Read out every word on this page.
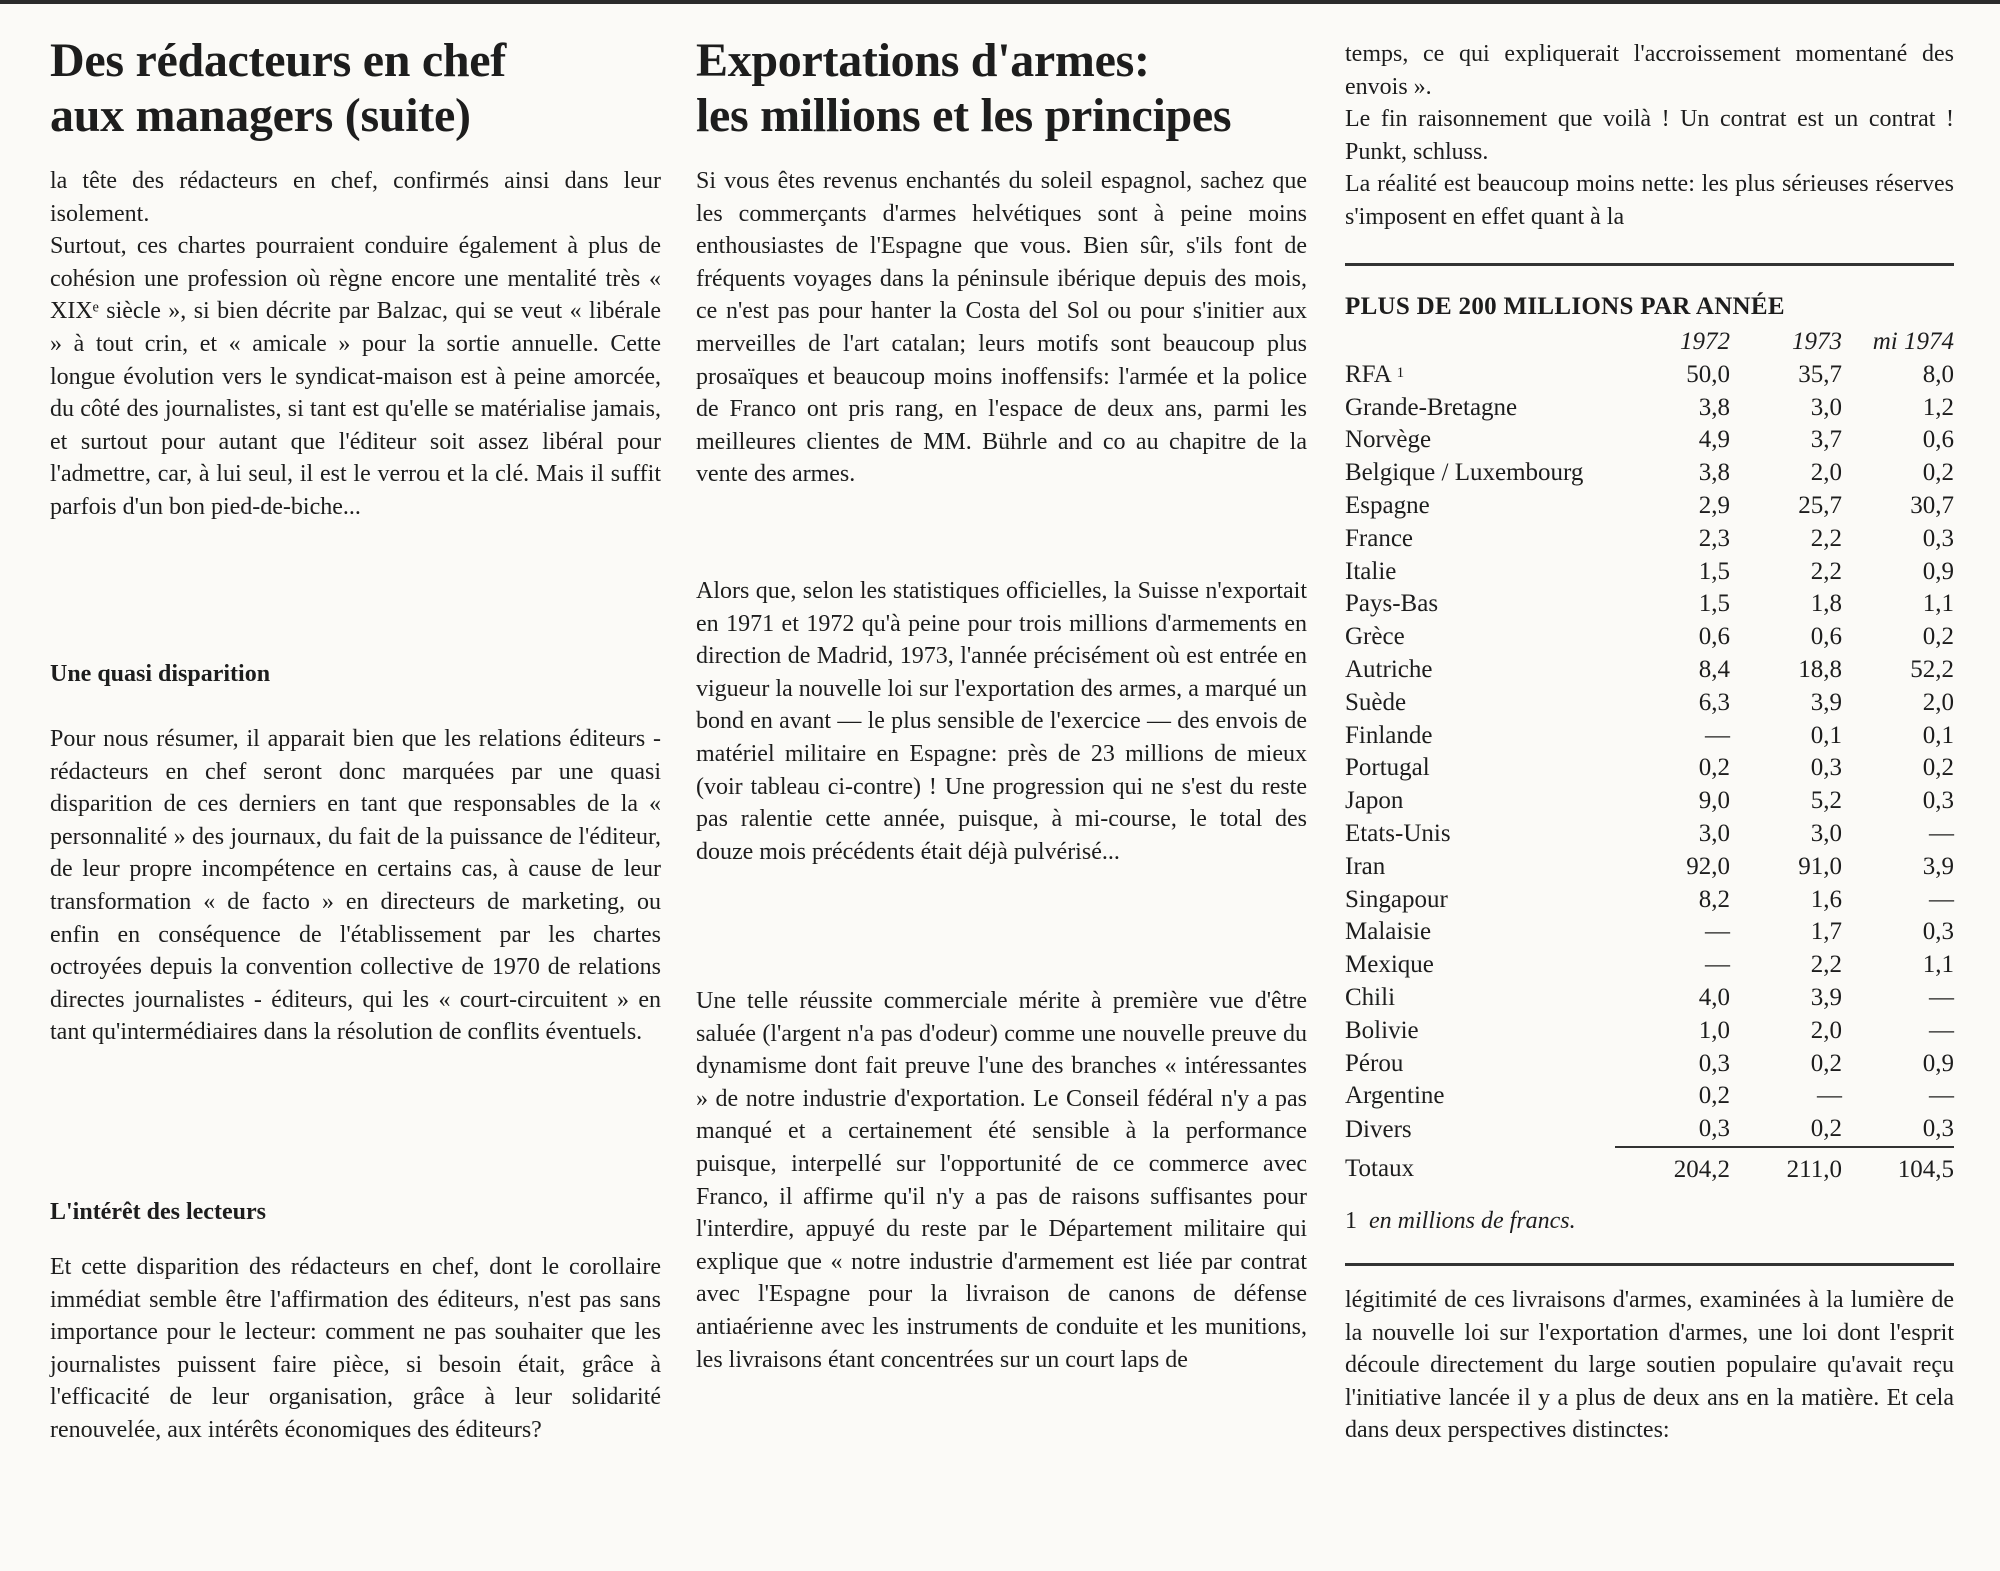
Des rédacteurs en chef
aux managers (suite)

la tête des rédacteurs en chef, confirmés ainsi dans leur isolement.

Surtout, ces chartes pourraient conduire également à plus de cohésion une profession où règne encore une mentalité très « XIXᵉ siècle », si bien décrite par Balzac, qui se veut « libérale » à tout crin, et « amicale » pour la sortie annuelle. Cette longue évolution vers le syndicat-maison est à peine amorcée, du côté des journalistes, si tant est qu'elle se matérialise jamais, et surtout pour autant que l'éditeur soit assez libéral pour l'admettre, car, à lui seul, il est le verrou et la clé. Mais il suffit parfois d'un bon pied-de-biche...

Une quasi disparition

Pour nous résumer, il apparait bien que les relations éditeurs - rédacteurs en chef seront donc marquées par une quasi disparition de ces derniers en tant que responsables de la « personnalité » des journaux, du fait de la puissance de l'éditeur, de leur propre incompétence en certains cas, à cause de leur transformation « de facto » en directeurs de marketing, ou enfin en conséquence de l'établissement par les chartes octroyées depuis la convention collective de 1970 de relations directes journalistes - éditeurs, qui les « court-circuitent » en tant qu'intermédiaires dans la résolution de conflits éventuels.

L'intérêt des lecteurs

Et cette disparition des rédacteurs en chef, dont le corollaire immédiat semble être l'affirmation des éditeurs, n'est pas sans importance pour le lecteur: comment ne pas souhaiter que les journalistes puissent faire pièce, si besoin était, grâce à l'efficacité de leur organisation, grâce à leur solidarité renouvelée, aux intérêts économiques des éditeurs?

Exportations d'armes:
les millions et les principes

Si vous êtes revenus enchantés du soleil espagnol, sachez que les commerçants d'armes helvétiques sont à peine moins enthousiastes de l'Espagne que vous. Bien sûr, s'ils font de fréquents voyages dans la péninsule ibérique depuis des mois, ce n'est pas pour hanter la Costa del Sol ou pour s'initier aux merveilles de l'art catalan; leurs motifs sont beaucoup plus prosaïques et beaucoup moins inoffensifs: l'armée et la police de Franco ont pris rang, en l'espace de deux ans, parmi les meilleures clientes de MM. Bührle and co au chapitre de la vente des armes.

Alors que, selon les statistiques officielles, la Suisse n'exportait en 1971 et 1972 qu'à peine pour trois millions d'armements en direction de Madrid, 1973, l'année précisément où est entrée en vigueur la nouvelle loi sur l'exportation des armes, a marqué un bond en avant — le plus sensible de l'exercice — des envois de matériel militaire en Espagne: près de 23 millions de mieux (voir tableau ci-contre) ! Une progression qui ne s'est du reste pas ralentie cette année, puisque, à mi-course, le total des douze mois précédents était déjà pulvérisé...

Une telle réussite commerciale mérite à première vue d'être saluée (l'argent n'a pas d'odeur) comme une nouvelle preuve du dynamisme dont fait preuve l'une des branches « intéressantes » de notre industrie d'exportation. Le Conseil fédéral n'y a pas manqué et a certainement été sensible à la performance puisque, interpellé sur l'opportunité de ce commerce avec Franco, il affirme qu'il n'y a pas de raisons suffisantes pour l'interdire, appuyé du reste par le Département militaire qui explique que « notre industrie d'armement est liée par contrat avec l'Espagne pour la livraison de canons de défense antiaérienne avec les instruments de conduite et les munitions, les livraisons étant concentrées sur un court laps de

temps, ce qui expliquerait l'accroissement momentané des envois ».

Le fin raisonnement que voilà ! Un contrat est un contrat ! Punkt, schluss.

La réalité est beaucoup moins nette: les plus sérieuses réserves s'imposent en effet quant à la

PLUS DE 200 MILLIONS PAR ANNÉE
	1972	1973	mi 1974
RFA $^1$	50,0	35,7	8,0
Grande-Bretagne	3,8	3,0	1,2
Norvège	4,9	3,7	0,6
Belgique / Luxembourg	3,8	2,0	0,2
Espagne	2,9	25,7	30,7
France	2,3	2,2	0,3
Italie	1,5	2,2	0,9
Pays-Bas	1,5	1,8	1,1
Grèce	0,6	0,6	0,2
Autriche	8,4	18,8	52,2
Suède	6,3	3,9	2,0
Finlande	—	0,1	0,1
Portugal	0,2	0,3	0,2
Japon	9,0	5,2	0,3
Etats-Unis	3,0	3,0	—
Iran	92,0	91,0	3,9
Singapour	8,2	1,6	—
Malaisie	—	1,7	0,3
Mexique	—	2,2	1,1
Chili	4,0	3,9	—
Bolivie	1,0	2,0	—
Pérou	0,3	0,2	0,9
Argentine	0,2	—	—
Divers	0,3	0,2	0,3
Totaux	204,2	211,0	104,5
1 en millions de francs.

légitimité de ces livraisons d'armes, examinées à la lumière de la nouvelle loi sur l'exportation d'armes, une loi dont l'esprit découle directement du large soutien populaire qu'avait reçu l'initiative lancée il y a plus de deux ans en la matière. Et cela dans deux perspectives distinctes:
